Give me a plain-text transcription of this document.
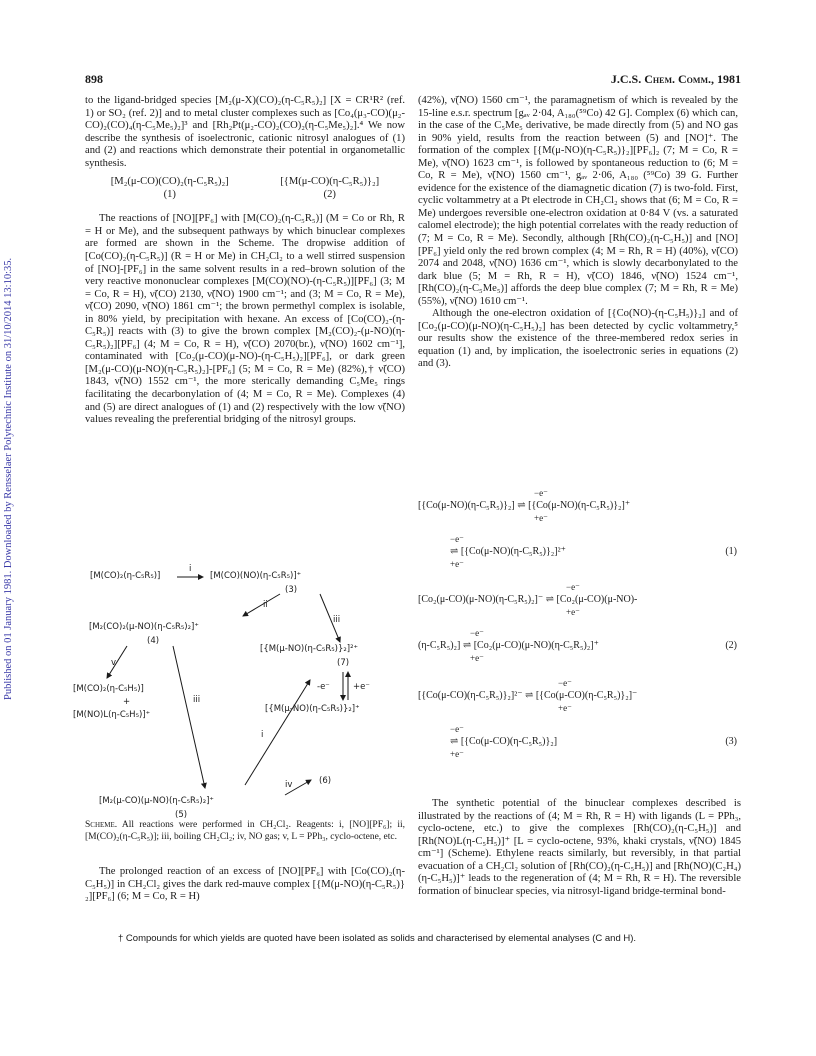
Published on 01 January 1981. Downloaded by Rensselaer Polytechnic Institute on 31/10/2014 13:10:35.
898	J.C.S. Chem. Comm., 1981

to the ligand-bridged species [M₂(μ-X)(CO)₂(η-C₅R₅)₂] [X = CR¹R² (ref. 1) or SO₂ (ref. 2)] and to metal cluster complexes such as [Co₄(μ₃-CO)(μ₂-CO)₂(CO)₄(η-C₅Me₅)₂]³ and [Rh₂Pt(μ₂-CO)₂(CO)₂(η-C₅Me₅)₂].⁴ We now describe the synthesis of isoelectronic, cationic nitrosyl analogues of (1) and (2) and reactions which demonstrate their potential in organometallic synthesis.

[M₂(μ-CO)(CO)₂(η-C₅R₅)₂]
(1)
[{M(μ-CO)(η-C₅R₅)}₂]
(2)

The reactions of [NO][PF₆] with [M(CO)₂(η-C₅R₅)] (M = Co or Rh, R = H or Me), and the subsequent pathways by which binuclear complexes are formed are shown in the Scheme. The dropwise addition of [Co(CO)₂(η-C₅R₅)] (R = H or Me) in CH₂Cl₂ to a well stirred suspension of [NO]-[PF₆] in the same solvent results in a red–brown solution of the very reactive mononuclear complexes [M(CO)(NO)-(η-C₅R₅)][PF₆] (3; M = Co, R = H), ν̃(CO) 2130, ν̃(NO) 1900 cm⁻¹; and (3; M = Co, R = Me), ν̃(CO) 2090, ν̃(NO) 1861 cm⁻¹; the brown permethyl complex is isolable, in 80% yield, by precipitation with hexane. An excess of [Co(CO)₂-(η-C₅R₅)] reacts with (3) to give the brown complex [M₂(CO)₂-(μ-NO)(η-C₅R₅)₂][PF₆] (4; M = Co, R = H), ν̃(CO) 2070(br.), ν̃(NO) 1602 cm⁻¹], contaminated with [Co₂(μ-CO)(μ-NO)-(η-C₅H₅)₂][PF₆], or dark green [M₂(μ-CO)(μ-NO)(η-C₅R₅)₂]-[PF₆] (5; M = Co, R = Me) (82%),† ν̃(CO) 1843, ν̃(NO) 1552 cm⁻¹, the more sterically demanding C₅Me₅ rings facilitating the decarbonylation of (4; M = Co, R = Me). Complexes (4) and (5) are direct analogues of (1) and (2) respectively with the low ν̃(NO) values revealing the preferential bridging of the nitrosyl groups.

[M(CO)₂(η-C₅R₅)]
i
[M(CO)(NO)(η-C₅R₅)]⁺
(3)
ii
iii
[M₂(CO)₂(μ-NO)(η-C₅R₅)₂]⁺
(4)
[{M(μ-NO)(η-C₅R₅)}₂]²⁺
(7)
v
[M(CO)₂(η-C₅H₅)]
+
[M(NO)L(η-C₅H₅)]⁺
iii
i
-e⁻	+e⁻
[{M(μ-NO)(η-C₅R₅)}₂]⁺
iv	(6)
[M₂(μ-CO)(μ-NO)(η-C₅R₅)₂]⁺
(5)
Scheme. All reactions were performed in CH₂Cl₂. Reagents: i, [NO][PF₆]; ii, [M(CO)₂(η-C₅R₅)]; iii, boiling CH₂Cl₂; iv, NO gas; v, L = PPh₃, cyclo-octene, etc.

The prolonged reaction of an excess of [NO][PF₆] with [Co(CO)₂(η-C₅H₅)] in CH₂Cl₂ gives the dark red-mauve complex [{M(μ-NO)(η-C₅R₅)}₂][PF₆] (6; M = Co, R = H)

(42%), ν̃(NO) 1560 cm⁻¹, the paramagnetism of which is revealed by the 15-line e.s.r. spectrum [gₐᵥ 2·04, A₁₈₀(⁵⁹Co) 42 G]. Complex (6) which can, in the case of the C₅Me₅ derivative, be made directly from (5) and NO gas in 90% yield, results from the reaction between (5) and [NO]⁺. The formation of the complex [{M(μ-NO)(η-C₅R₅)}₂][PF₆]₂ (7; M = Co, R = Me), ν̃(NO) 1623 cm⁻¹, is followed by spontaneous reduction to (6; M = Co, R = Me), ν̃(NO) 1560 cm⁻¹, gₐᵥ 2·06, A₁₈₀ (⁵⁹Co) 39 G. Further evidence for the existence of the diamagnetic dication (7) is two-fold. First, cyclic voltammetry at a Pt electrode in CH₂Cl₂ shows that (6; M = Co, R = Me) undergoes reversible one-electron oxidation at 0·84 V (vs. a saturated calomel electrode); the high potential correlates with the ready reduction of (7; M = Co, R = Me). Secondly, although [Rh(CO)₂(η-C₅H₅)] and [NO][PF₆] yield only the red brown complex (4; M = Rh, R = H) (40%), ν̃(CO) 2074 and 2048, ν̃(NO) 1636 cm⁻¹, which is slowly decarbonylated to the dark blue (5; M = Rh, R = H), ν̃(CO) 1846, ν̃(NO) 1524 cm⁻¹, [Rh(CO)₂(η-C₅Me₅)] affords the deep blue complex (7; M = Rh, R = Me) (55%), ν̃(NO) 1610 cm⁻¹.

Although the one-electron oxidation of [{Co(NO)-(η-C₅H₅)}₂] and of [Co₂(μ-CO)(μ-NO)(η-C₅H₅)₂] has been detected by cyclic voltammetry,⁵ our results show the existence of the three-membered redox series in equation (1) and, by implication, the isoelectronic series in equations (2) and (3).

−e⁻
[{Co(μ-NO)(η-C₅R₅)}₂] ⇌ [{Co(μ-NO)(η-C₅R₅)}₂]⁺
+e⁻
−e⁻
⇌ [{Co(μ-NO)(η-C₅R₅)}₂]²⁺
+e⁻
(1)
−e⁻
[Co₂(μ-CO)(μ-NO)(η-C₅R₅)₂]⁻ ⇌ [Co₂(μ-CO)(μ-NO)-
+e⁻
−e⁻
(η-C₅R₅)₂] ⇌ [Co₂(μ-CO)(μ-NO)(η-C₅R₅)₂]⁺
+e⁻
(2)
−e⁻
[{Co(μ-CO)(η-C₅R₅)}₂]²⁻ ⇌ [{Co(μ-CO)(η-C₅R₅)}₂]⁻
+e⁻
−e⁻
⇌ [{Co(μ-CO)(η-C₅R₅)}₂]
+e⁻
(3)

The synthetic potential of the binuclear complexes described is illustrated by the reactions of (4; M = Rh, R = H) with ligands (L = PPh₃, cyclo-octene, etc.) to give the complexes [Rh(CO)₂(η-C₅H₅)] and [Rh(NO)L(η-C₅H₅)]⁺ [L = cyclo-octene, 93%, khaki crystals, ν̃(NO) 1845 cm⁻¹] (Scheme). Ethylene reacts similarly, but reversibly, in that partial evacuation of a CH₂Cl₂ solution of [Rh(CO)₂(η-C₅H₅)] and [Rh(NO)(C₂H₄)(η-C₅H₅)]⁺ leads to the regeneration of (4; M = Rh, R = H). The reversible formation of binuclear species, via nitrosyl-ligand bridge-terminal bond-

† Compounds for which yields are quoted have been isolated as solids and characterised by elemental analyses (C and H).
